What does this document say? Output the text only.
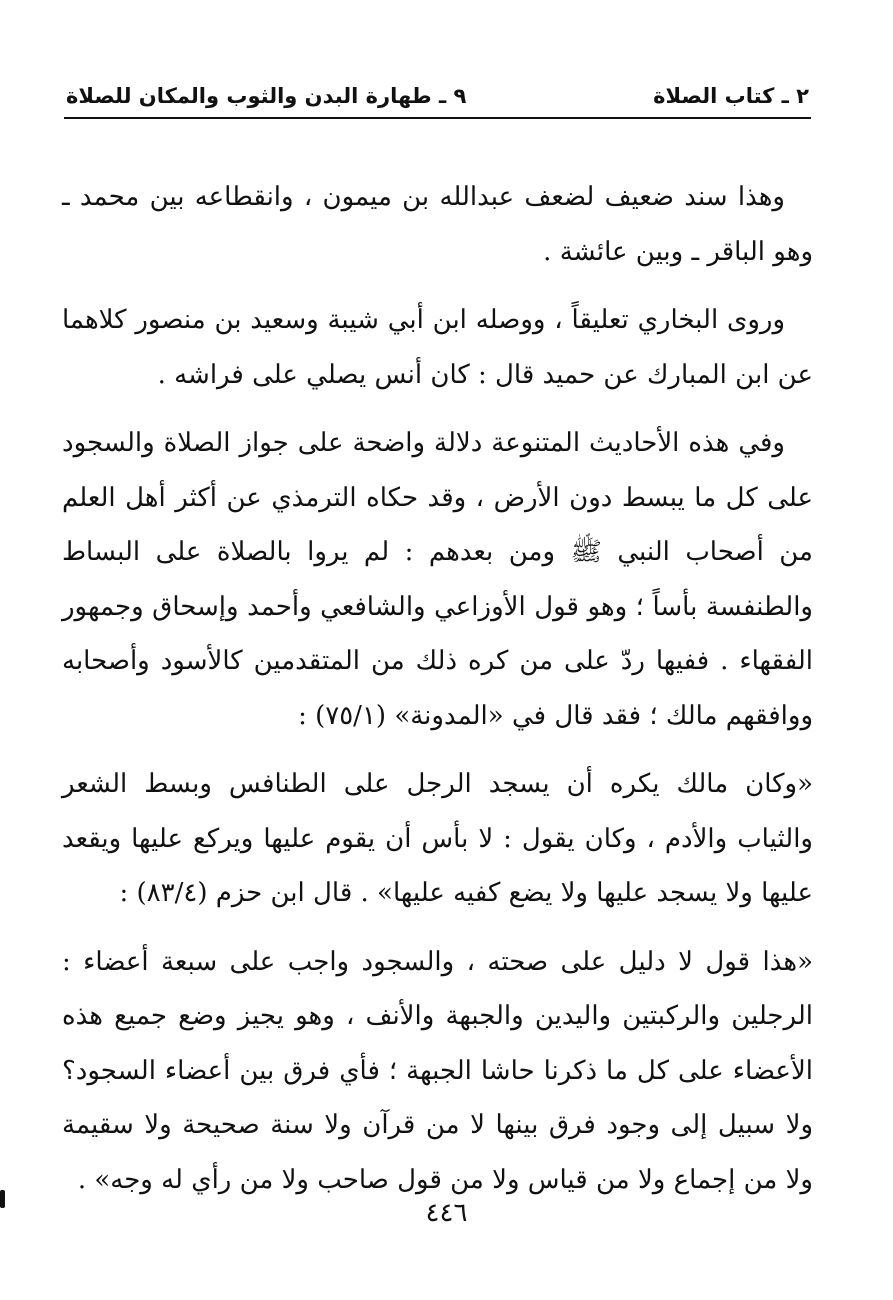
٢ ـ كتاب الصلاة
٩ ـ طهارة البدن والثوب والمكان للصلاة

وهذا سند ضعيف لضعف عبدالله بن ميمون ، وانقطاعه بين محمد ـ وهو الباقر ـ وبين عائشة .

وروى البخاري تعليقاً ، ووصله ابن أبي شيبة وسعيد بن منصور كلاهما عن ابن المبارك عن حميد قال : كان أنس يصلي على فراشه .

وفي هذه الأحاديث المتنوعة دلالة واضحة على جواز الصلاة والسجود على كل ما يبسط دون الأرض ، وقد حكاه الترمذي عن أكثر أهل العلم من أصحاب النبي ﷺ ومن بعدهم : لم يروا بالصلاة على البساط والطنفسة بأساً ؛ وهو قول الأوزاعي والشافعي وأحمد وإسحاق وجمهور الفقهاء . ففيها ردّ على من كره ذلك من المتقدمين كالأسود وأصحابه ووافقهم مالك ؛ فقد قال في «المدونة» (٧٥/١) :

«وكان مالك يكره أن يسجد الرجل على الطنافس وبسط الشعر والثياب والأدم ، وكان يقول : لا بأس أن يقوم عليها ويركع عليها ويقعد عليها ولا يسجد عليها ولا يضع كفيه عليها» . قال ابن حزم (٨٣/٤) :

«هذا قول لا دليل على صحته ، والسجود واجب على سبعة أعضاء : الرجلين والركبتين واليدين والجبهة والأنف ، وهو يجيز وضع جميع هذه الأعضاء على كل ما ذكرنا حاشا الجبهة ؛ فأي فرق بين أعضاء السجود؟ ولا سبيل إلى وجود فرق بينها لا من قرآن ولا سنة صحيحة ولا سقيمة ولا من إجماع ولا من قياس ولا من قول صاحب ولا من رأي له وجه» .

٤٤٦
